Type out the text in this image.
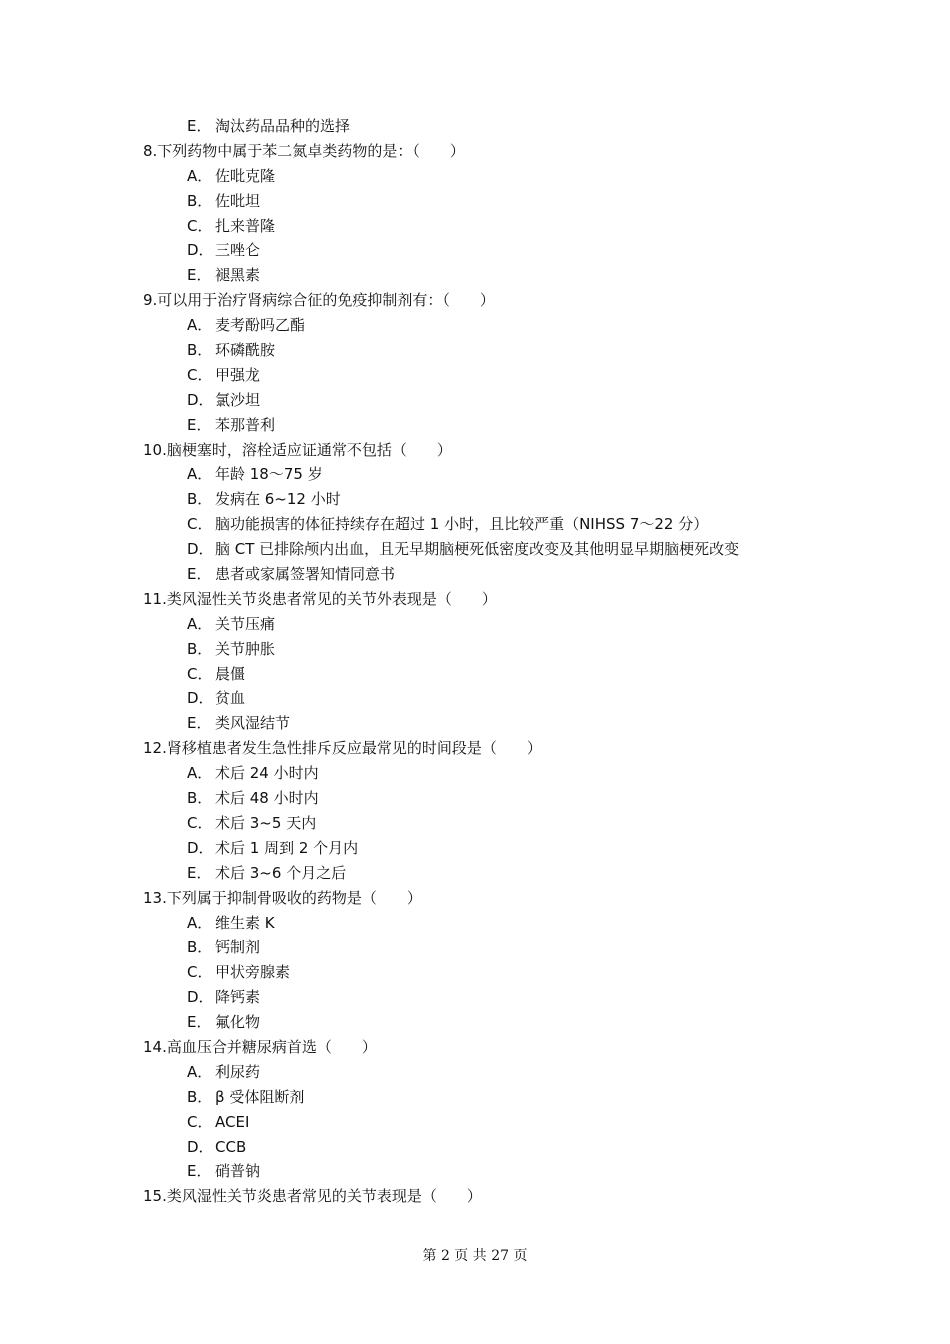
E． 淘汰药品品种的选择
8.下列药物中属于苯二氮卓类药物的是：（　　）
A． 佐吡克隆
B． 佐吡坦
C． 扎来普隆
D．三唑仑
E． 褪黑素
9.可以用于治疗肾病综合征的免疫抑制剂有：（　　）
A． 麦考酚吗乙酯
B． 环磷酰胺
C． 甲强龙
D．氯沙坦
E． 苯那普利
10.脑梗塞时，溶栓适应证通常不包括（　　）
A． 年龄 18～75 岁
B． 发病在 6~12 小时
C． 脑功能损害的体征持续存在超过 1 小时，且比较严重（NIHSS 7～22 分）
D．脑 CT 已排除颅内出血，且无早期脑梗死低密度改变及其他明显早期脑梗死改变
E． 患者或家属签署知情同意书
11.类风湿性关节炎患者常见的关节外表现是（　　）
A． 关节压痛
B． 关节肿胀
C． 晨僵
D．贫血
E． 类风湿结节
12.肾移植患者发生急性排斥反应最常见的时间段是（　　）
A． 术后 24 小时内
B． 术后 48 小时内
C． 术后 3~5 天内
D．术后 1 周到 2 个月内
E． 术后 3~6 个月之后
13.下列属于抑制骨吸收的药物是（　　）
A． 维生素 K
B． 钙制剂
C． 甲状旁腺素
D．降钙素
E． 氟化物
14.高血压合并糖尿病首选（　　）
A． 利尿药
B． β 受体阻断剂
C． ACEI
D．CCB
E． 硝普钠
15.类风湿性关节炎患者常见的关节表现是（　　）
第 2 页 共 27 页
